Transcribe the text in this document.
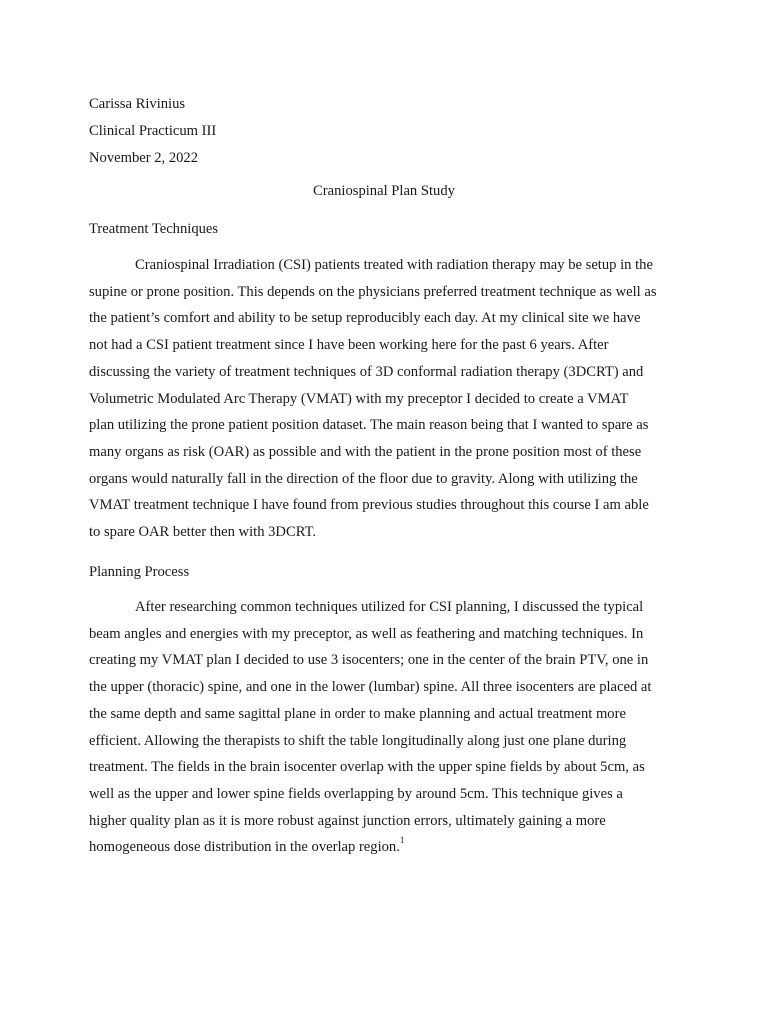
Carissa Rivinius

Clinical Practicum III

November 2, 2022

Craniospinal Plan Study

Treatment Techniques

Craniospinal Irradiation (CSI) patients treated with radiation therapy may be setup in the
supine or prone position. This depends on the physicians preferred treatment technique as well as
the patient’s comfort and ability to be setup reproducibly each day. At my clinical site we have
not had a CSI patient treatment since I have been working here for the past 6 years. After
discussing the variety of treatment techniques of 3D conformal radiation therapy (3DCRT) and
Volumetric Modulated Arc Therapy (VMAT) with my preceptor I decided to create a VMAT
plan utilizing the prone patient position dataset. The main reason being that I wanted to spare as
many organs as risk (OAR) as possible and with the patient in the prone position most of these
organs would naturally fall in the direction of the floor due to gravity. Along with utilizing the
VMAT treatment technique I have found from previous studies throughout this course I am able
to spare OAR better then with 3DCRT.

Planning Process

After researching common techniques utilized for CSI planning, I discussed the typical
beam angles and energies with my preceptor, as well as feathering and matching techniques. In
creating my VMAT plan I decided to use 3 isocenters; one in the center of the brain PTV, one in
the upper (thoracic) spine, and one in the lower (lumbar) spine. All three isocenters are placed at
the same depth and same sagittal plane in order to make planning and actual treatment more
efficient. Allowing the therapists to shift the table longitudinally along just one plane during
treatment. The fields in the brain isocenter overlap with the upper spine fields by about 5cm, as
well as the upper and lower spine fields overlapping by around 5cm. This technique gives a
higher quality plan as it is more robust against junction errors, ultimately gaining a more
homogeneous dose distribution in the overlap region.$^1$
